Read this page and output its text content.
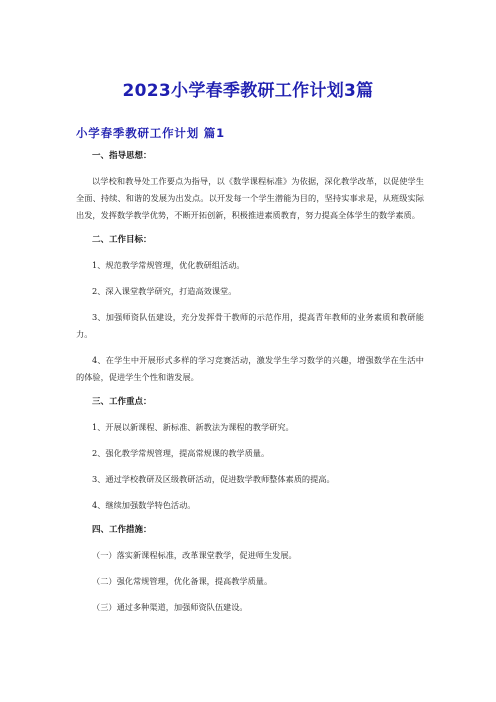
2023小学春季教研工作计划3篇
小学春季教研工作计划 篇1

一、指导思想：

以学校和教导处工作要点为指导，以《数学课程标准》为依据，深化教学改革，以促使学生全面、持续、和谐的发展为出发点。以开发每一个学生潜能为目的，坚持实事求是，从班级实际出发，发挥数学教学优势，不断开拓创新，积极推进素质教育，努力提高全体学生的数学素质。

二、工作目标：

1、规范教学常规管理，优化教研组活动。

2、深入课堂教学研究，打造高效课堂。

3、加强师资队伍建设，充分发挥骨干教师的示范作用，提高青年教师的业务素质和教研能力。

4、在学生中开展形式多样的学习竞赛活动，激发学生学习数学的兴趣，增强数学在生活中的体验，促进学生个性和谐发展。

三、工作重点：

1、开展以新课程、新标准、新教法为课程的教学研究。

2、强化教学常规管理，提高常规课的教学质量。

3、通过学校教研及区级教研活动，促进数学教师整体素质的提高。

4、继续加强数学特色活动。

四、工作措施：

（一）落实新课程标准，改革课堂教学，促进师生发展。

（二）强化常规管理，优化备课，提高教学质量。

（三）通过多种渠道，加强师资队伍建设。
